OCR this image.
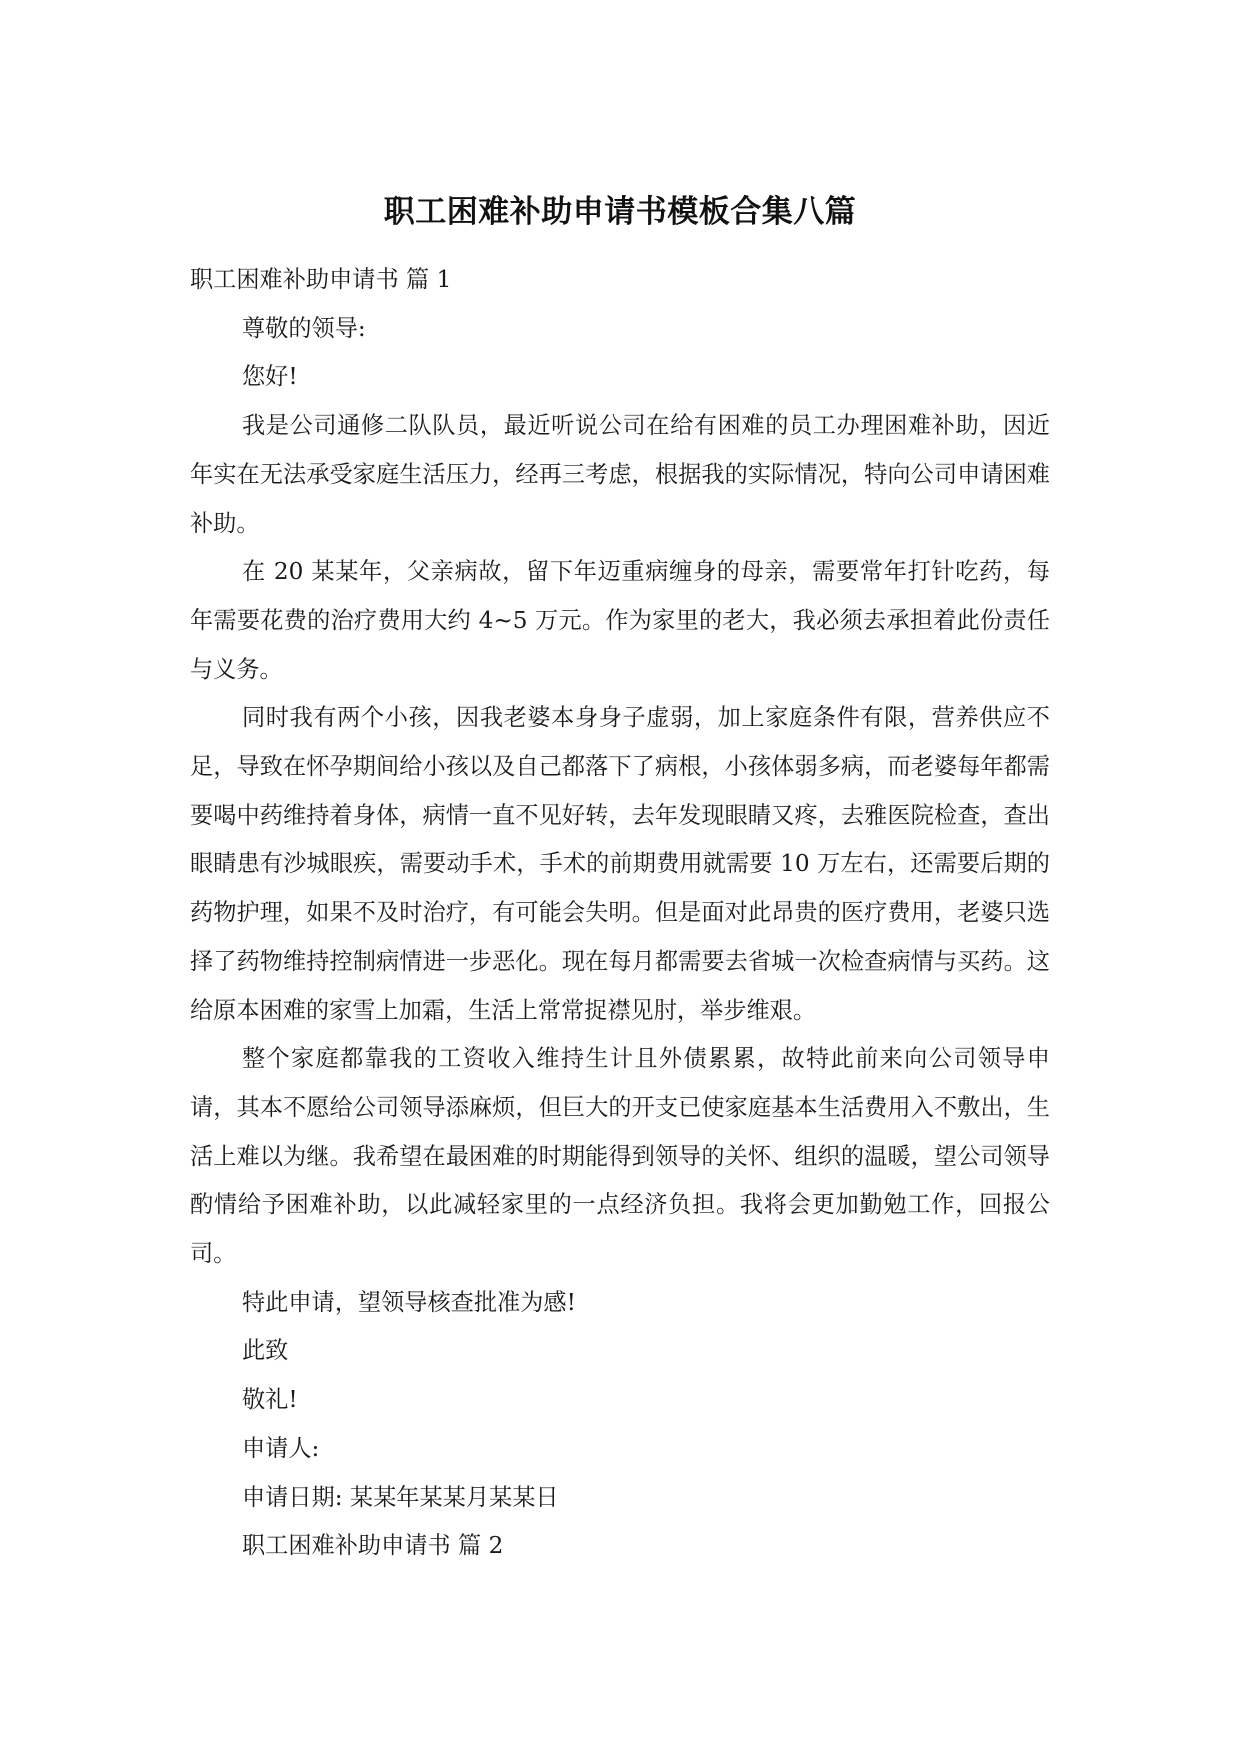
职工困难补助申请书模板合集八篇

职工困难补助申请书 篇 1

尊敬的领导:

您好!

我是公司通修二队队员，最近听说公司在给有困难的员工办理困难补助，因近年实在无法承受家庭生活压力，经再三考虑，根据我的实际情况，特向公司申请困难补助。

在 20 某某年，父亲病故，留下年迈重病缠身的母亲，需要常年打针吃药，每年需要花费的治疗费用大约 4~5 万元。作为家里的老大，我必须去承担着此份责任与义务。

同时我有两个小孩，因我老婆本身身子虚弱，加上家庭条件有限，营养供应不足，导致在怀孕期间给小孩以及自己都落下了病根，小孩体弱多病，而老婆每年都需要喝中药维持着身体，病情一直不见好转，去年发现眼睛又疼，去雅医院检查，查出眼睛患有沙城眼疾，需要动手术，手术的前期费用就需要 10 万左右，还需要后期的药物护理，如果不及时治疗，有可能会失明。但是面对此昂贵的医疗费用，老婆只选择了药物维持控制病情进一步恶化。现在每月都需要去省城一次检查病情与买药。这给原本困难的家雪上加霜，生活上常常捉襟见肘，举步维艰。

整个家庭都靠我的工资收入维持生计且外债累累，故特此前来向公司领导申请，其本不愿给公司领导添麻烦，但巨大的开支已使家庭基本生活费用入不敷出，生活上难以为继。我希望在最困难的时期能得到领导的关怀、组织的温暖，望公司领导酌情给予困难补助，以此减轻家里的一点经济负担。我将会更加勤勉工作，回报公司。

特此申请，望领导核查批准为感!

此致

敬礼!

申请人:

申请日期: 某某年某某月某某日

职工困难补助申请书 篇 2
